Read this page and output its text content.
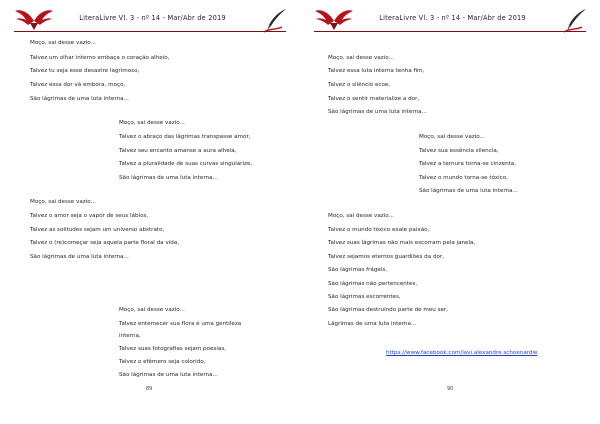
LiteraLivre Vl. 3 - nº 14 - Mar/Abr de 2019
Moço, sai desse vazio...
Talvez um olhar interno embaça o coração alheio,
Talvez tu seja esse desastre lagrimoso,
Talvez essa dor vá embora, moço,
São lágrimas de uma luta interna...
Moço, sai desse vazio...
Talvez o abraço das lágrimas transpasse amor,
Talvez seu encanto amanse a aura alheia,
Talvez a pluralidade de suas curvas singularize,
São lágrimas de uma luta interna...
Moço, sai desse vazio...
Talvez o amor seja o vapor de seus lábios,
Talvez as solitudes sejam um universo abstrato,
Talvez o (re)começar seja aquela parte floral da vida,
São lágrimas de uma luta interna...
Moço, sai desse vazio...
Talvez entemecer sua flora é uma gentileza
interna,
Talvez suas fotografias sejam poesias,
Talvez o efêmero seja colorido,
São lágrimas de uma luta interna...
89
LiteraLivre Vl. 3 - nº 14 - Mar/Abr de 2019
Moço, sai desse vazio...
Talvez essa luta interna tenha fim,
Talvez o silêncio ecoe,
Talvez o sentir materialize a dor,
São lágrimas de uma luta interna...
Moço, sai desse vazio...
Talvez sua essência silencia,
Talvez a ternura torna-se cinzenta,
Talvez o mundo torna-se tóxico,
São lágrimas de uma luta interna...
Moço, sai desse vazio...
Talvez o mundo tóxico exale paixão,
Talvez suas lágrimas não mais escorram pela janela,
Talvez sejamos eternos guardiões da dor,
São lágrimas frágeis,
São lágrimas não pertencentes,
São lágrimas escorrentes,
São lágrimas destruindo parte de meu ser,
Lágrimas de uma luta interna...
https://www.facebook.com/lavi.alexandre.schoenardie
90
